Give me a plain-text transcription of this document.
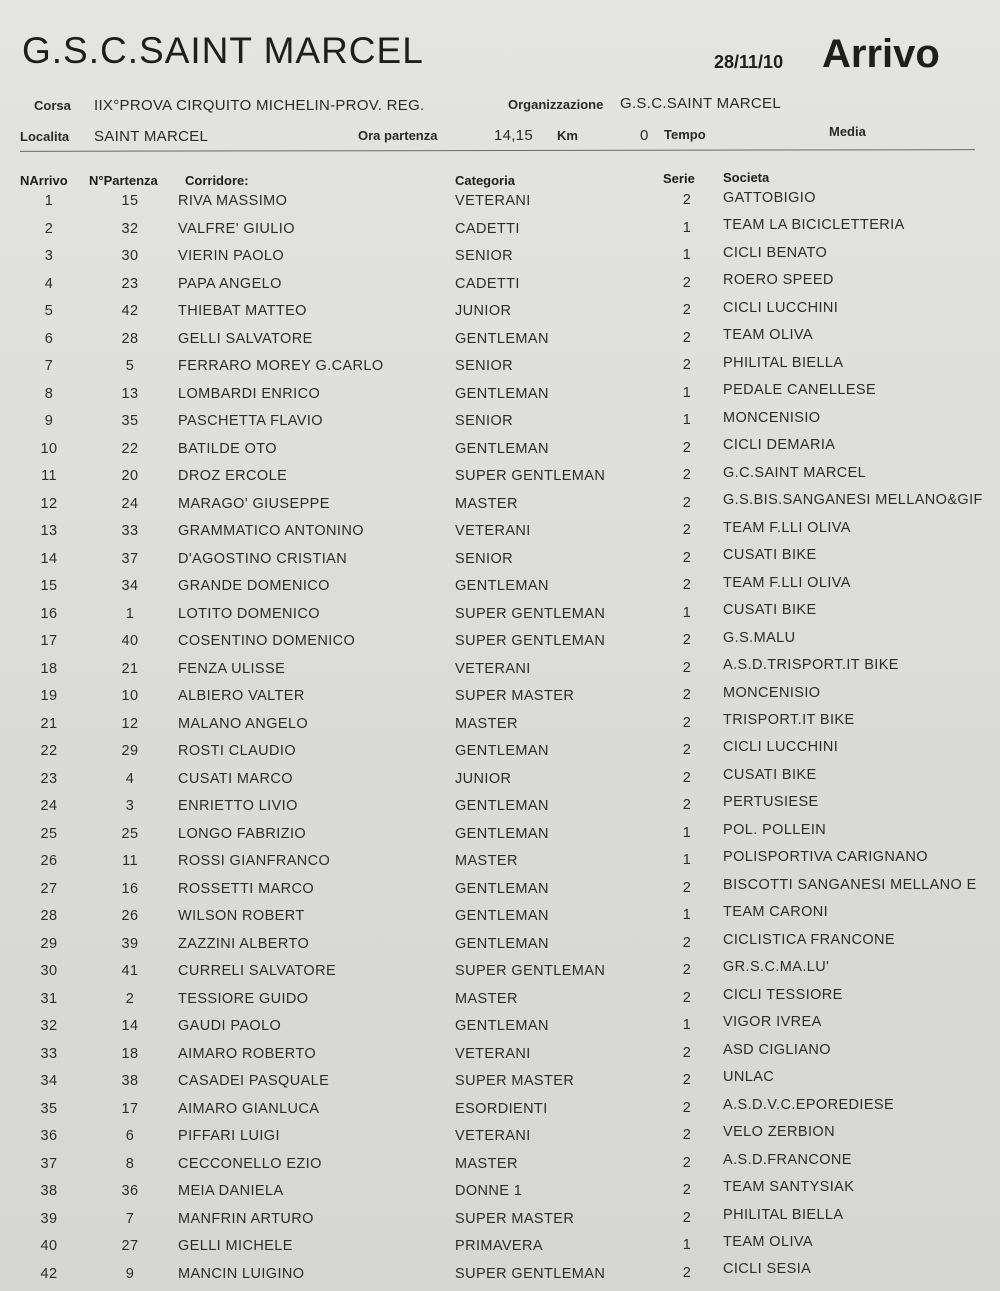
G.S.C.SAINT MARCEL	28/11/10 Arrivo
Corsa IIX°PROVA CIRQUITO MICHELIN-PROV. REG.	Organizzazione G.S.C.SAINT MARCEL
Localita SAINT MARCEL	Ora partenza	14,15 Km	0 Tempo	Media
NArrivo N°Partenza Corridore:	Categoria	Serie Societa
1	15	RIVA MASSIMO	VETERANI	2	GATTOBIGIO
2	32	VALFRE' GIULIO	CADETTI	1	TEAM LA BICICLETTERIA
3	30	VIERIN PAOLO	SENIOR	1	CICLI BENATO
4	23	PAPA ANGELO	CADETTI	2	ROERO SPEED
5	42	THIEBAT MATTEO	JUNIOR	2	CICLI LUCCHINI
6	28	GELLI SALVATORE	GENTLEMAN	2	TEAM OLIVA
7	5	FERRARO MOREY G.CARLO	SENIOR	2	PHILITAL BIELLA
8	13	LOMBARDI ENRICO	GENTLEMAN	1	PEDALE CANELLESE
9	35	PASCHETTA FLAVIO	SENIOR	1	MONCENISIO
10	22	BATILDE OTO	GENTLEMAN	2	CICLI DEMARIA
11	20	DROZ ERCOLE	SUPER GENTLEMAN	2	G.C.SAINT MARCEL
12	24	MARAGO' GIUSEPPE	MASTER	2	G.S.BIS.SANGANESI MELLANO&GIF
13	33	GRAMMATICO ANTONINO	VETERANI	2	TEAM F.LLI OLIVA
14	37	D'AGOSTINO CRISTIAN	SENIOR	2	CUSATI BIKE
15	34	GRANDE DOMENICO	GENTLEMAN	2	TEAM F.LLI OLIVA
16	1	LOTITO DOMENICO	SUPER GENTLEMAN	1	CUSATI BIKE
17	40	COSENTINO DOMENICO	SUPER GENTLEMAN	2	G.S.MALU
18	21	FENZA ULISSE	VETERANI	2	A.S.D.TRISPORT.IT BIKE
19	10	ALBIERO VALTER	SUPER MASTER	2	MONCENISIO
21	12	MALANO ANGELO	MASTER	2	TRISPORT.IT BIKE
22	29	ROSTI CLAUDIO	GENTLEMAN	2	CICLI LUCCHINI
23	4	CUSATI MARCO	JUNIOR	2	CUSATI BIKE
24	3	ENRIETTO LIVIO	GENTLEMAN	2	PERTUSIESE
25	25	LONGO FABRIZIO	GENTLEMAN	1	POL. POLLEIN
26	11	ROSSI GIANFRANCO	MASTER	1	POLISPORTIVA CARIGNANO
27	16	ROSSETTI MARCO	GENTLEMAN	2	BISCOTTI SANGANESI MELLANO E
28	26	WILSON ROBERT	GENTLEMAN	1	TEAM CARONI
29	39	ZAZZINI ALBERTO	GENTLEMAN	2	CICLISTICA FRANCONE
30	41	CURRELI SALVATORE	SUPER GENTLEMAN	2	GR.S.C.MA.LU'
31	2	TESSIORE GUIDO	MASTER	2	CICLI TESSIORE
32	14	GAUDI PAOLO	GENTLEMAN	1	VIGOR IVREA
33	18	AIMARO ROBERTO	VETERANI	2	ASD CIGLIANO
34	38	CASADEI PASQUALE	SUPER MASTER	2	UNLAC
35	17	AIMARO GIANLUCA	ESORDIENTI	2	A.S.D.V.C.EPOREDIESE
36	6	PIFFARI LUIGI	VETERANI	2	VELO ZERBION
37	8	CECCONELLO EZIO	MASTER	2	A.S.D.FRANCONE
38	36	MEIA DANIELA	DONNE 1	2	TEAM SANTYSIAK
39	7	MANFRIN ARTURO	SUPER MASTER	2	PHILITAL BIELLA
40	27	GELLI MICHELE	PRIMAVERA	1	TEAM OLIVA
42	9	MANCIN LUIGINO	SUPER GENTLEMAN	2	CICLI SESIA
